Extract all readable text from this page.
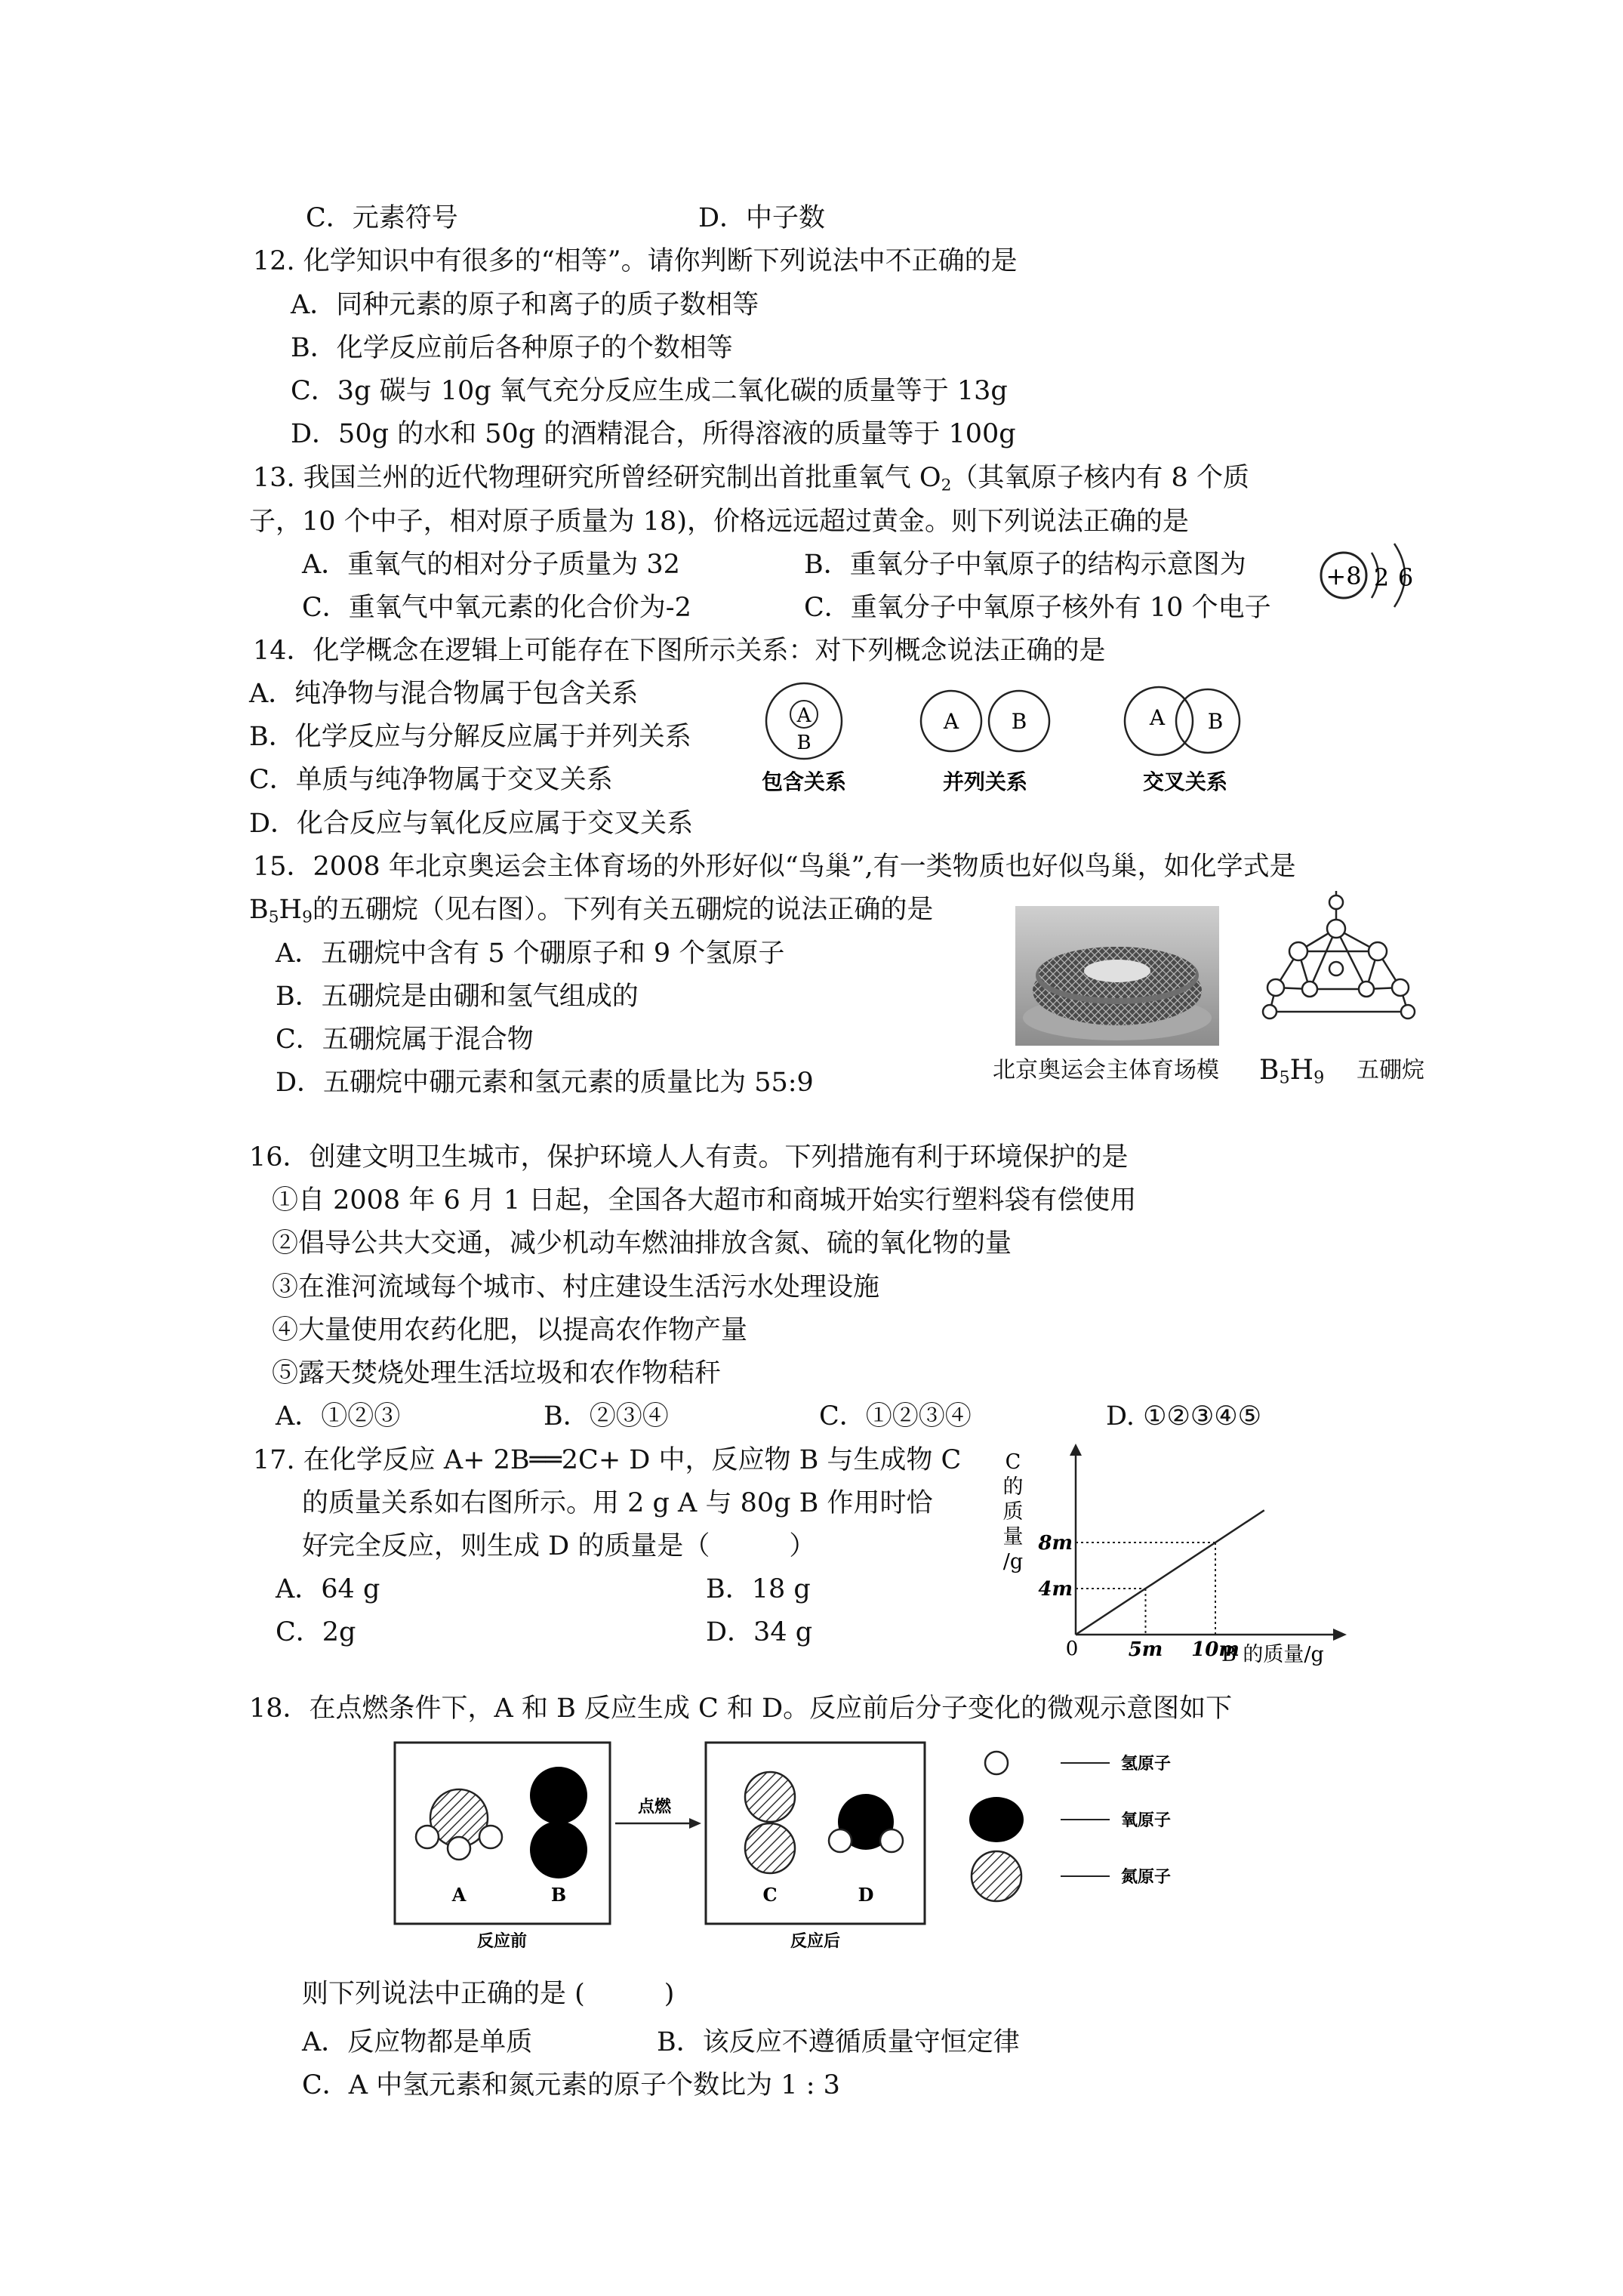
C．元素符号	D．中子数
12. 化学知识中有很多的“相等”。请你判断下列说法中不正确的是
A．同种元素的原子和离子的质子数相等
B．化学反应前后各种原子的个数相等
C．3g 碳与 10g 氧气充分反应生成二氧化碳的质量等于 13g
D．50g 的水和 50g 的酒精混合，所得溶液的质量等于 100g
13. 我国兰州的近代物理研究所曾经研究制出首批重氧气 $O_2$（其氧原子核内有 8 个质
子，10 个中子，相对原子质量为 18)，价格远远超过黄金。则下列说法正确的是
A．重氧气的相对分子质量为 32	B．重氧分子中氧原子的结构示意图为
C．重氧气中氧元素的化合价为-2	C．重氧分子中氧原子核外有 10 个电子
+8 2 6
14．化学概念在逻辑上可能存在下图所示关系：对下列概念说法正确的是
A．纯净物与混合物属于包含关系
B．化学反应与分解反应属于并列关系
C．单质与纯净物属于交叉关系
D．化合反应与氧化反应属于交叉关系
A
B
包含关系
A B
并列关系
A B
交叉关系
15．2008 年北京奥运会主体育场的外形好似“鸟巢”,有一类物质也好似鸟巢，如化学式是
$B_5H_9$的五硼烷（见右图）。下列有关五硼烷的说法正确的是
A．五硼烷中含有 5 个硼原子和 9 个氢原子
B．五硼烷是由硼和氢气组成的
C．五硼烷属于混合物
D．五硼烷中硼元素和氢元素的质量比为 55:9	北京奥运会主体育场模 $B_5H_9$ 五硼烷
16．创建文明卫生城市，保护环境人人有责。下列措施有利于环境保护的是
①自 2008 年 6 月 1 日起，全国各大超市和商城开始实行塑料袋有偿使用
②倡导公共大交通，减少机动车燃油排放含氮、硫的氧化物的量
③在淮河流域每个城市、村庄建设生活污水处理设施
④大量使用农药化肥，以提高农作物产量
⑤露天焚烧处理生活垃圾和农作物秸秆
A．①②③	B．②③④	C．①②③④	D. ①②③④⑤
17. 在化学反应 A+ 2B══2C+ D 中，反应物 B 与生成物 C
的质量关系如右图所示。用 2 g A 与 80g B 作用时恰
好完全反应，则生成 D 的质量是（　　　）
A．64 g	B．18 g
C．2g	D．34 g
C
的
质
量
/g
5m 10m
4m
8m
0	B 的质量/g
18．在点燃条件下，A 和 B 反应生成 C 和 D。反应前后分子变化的微观示意图如下
A	B
点燃
C	D
反应前	反应后
氢原子
氧原子
氮原子
则下列说法中正确的是 (　　　)
A．反应物都是单质	B．该反应不遵循质量守恒定律
C．A 中氢元素和氮元素的原子个数比为 1 : 3
